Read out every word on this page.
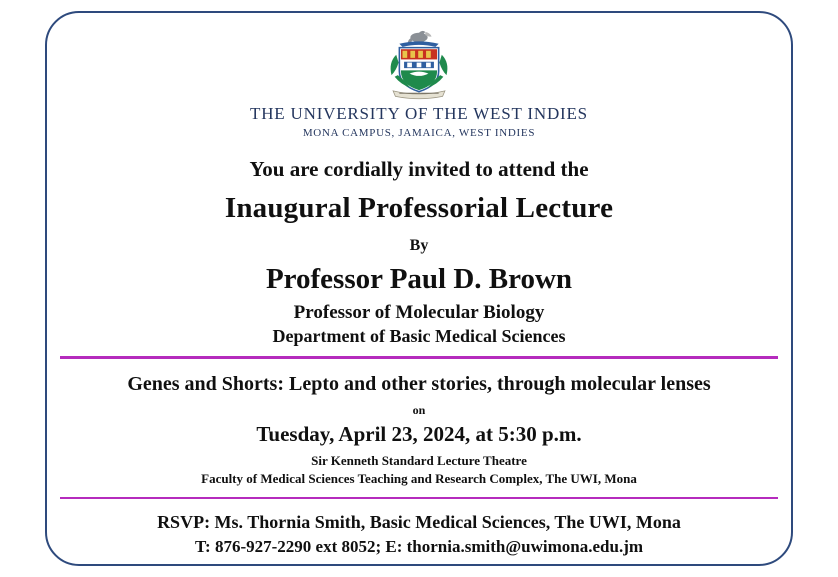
THE UNIVERSITY OF THE WEST INDIES
MONA CAMPUS, JAMAICA, WEST INDIES
You are cordially invited to attend the
Inaugural Professorial Lecture
By
Professor Paul D. Brown
Professor of Molecular Biology
Department of Basic Medical Sciences
Genes and Shorts: Lepto and other stories, through molecular lenses
on
Tuesday, April 23, 2024, at 5:30 p.m.
Sir Kenneth Standard Lecture Theatre
Faculty of Medical Sciences Teaching and Research Complex, The UWI, Mona
RSVP: Ms. Thornia Smith, Basic Medical Sciences, The UWI, Mona
T: 876-927-2290 ext 8052; E: thornia.smith@uwimona.edu.jm
